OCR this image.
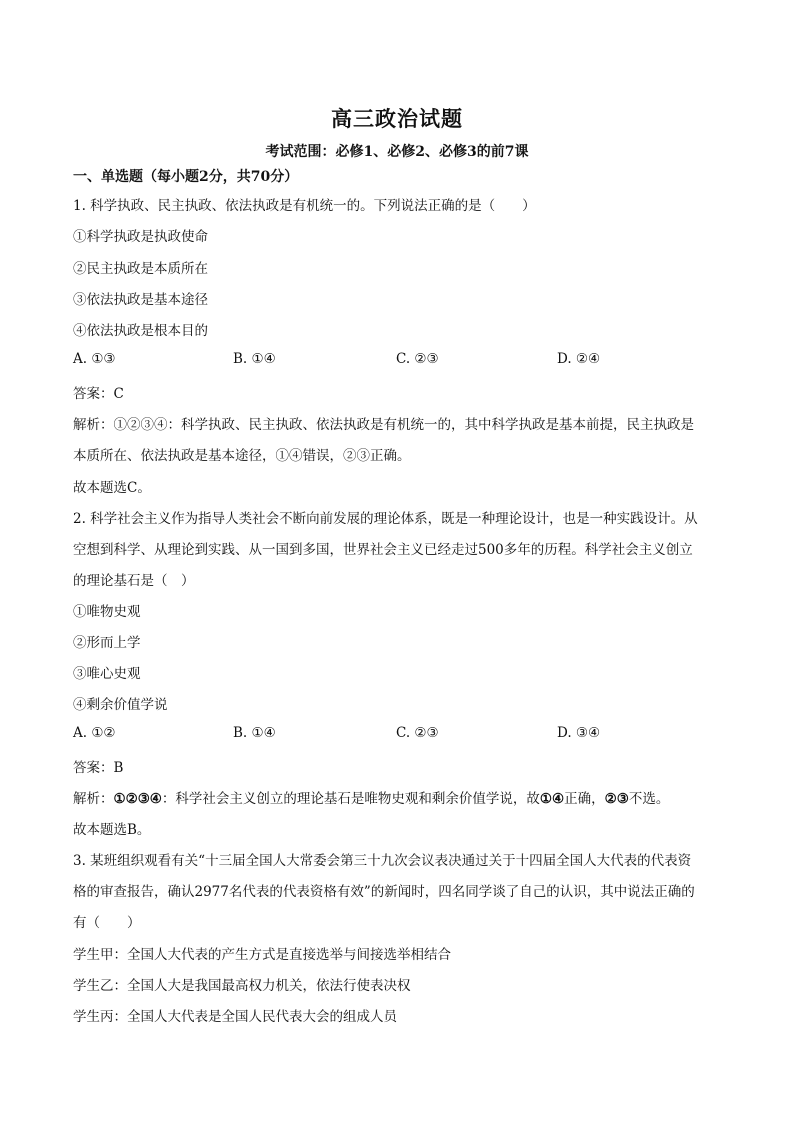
高三政治试题
考试范围：必修1、必修2、必修3的前7课
一、单选题（每小题2分，共70分）
1. 科学执政、民主执政、依法执政是有机统一的。下列说法正确的是（　　）
①科学执政是执政使命
②民主执政是本质所在
③依法执政是基本途径
④依法执政是根本目的
A. ①③	B. ①④	C. ②③	D. ②④
答案：C
解析：①②③④：科学执政、民主执政、依法执政是有机统一的，其中科学执政是基本前提，民主执政是
本质所在、依法执政是基本途径，①④错误，②③正确。
故本题选C。
2. 科学社会主义作为指导人类社会不断向前发展的理论体系，既是一种理论设计，也是一种实践设计。从
空想到科学、从理论到实践、从一国到多国，世界社会主义已经走过500多年的历程。科学社会主义创立
的理论基石是（　）
①唯物史观
②形而上学
③唯心史观
④剩余价值学说
A. ①②	B. ①④	C. ②③	D. ③④
答案：B
解析：①②③④：科学社会主义创立的理论基石是唯物史观和剩余价值学说，故①④正确，②③不选。
故本题选B。
3. 某班组织观看有关“十三届全国人大常委会第三十九次会议表决通过关于十四届全国人大代表的代表资
格的审查报告，确认2977名代表的代表资格有效”的新闻时，四名同学谈了自己的认识，其中说法正确的
有（　　）
学生甲：全国人大代表的产生方式是直接选举与间接选举相结合
学生乙：全国人大是我国最高权力机关，依法行使表决权
学生丙：全国人大代表是全国人民代表大会的组成人员
